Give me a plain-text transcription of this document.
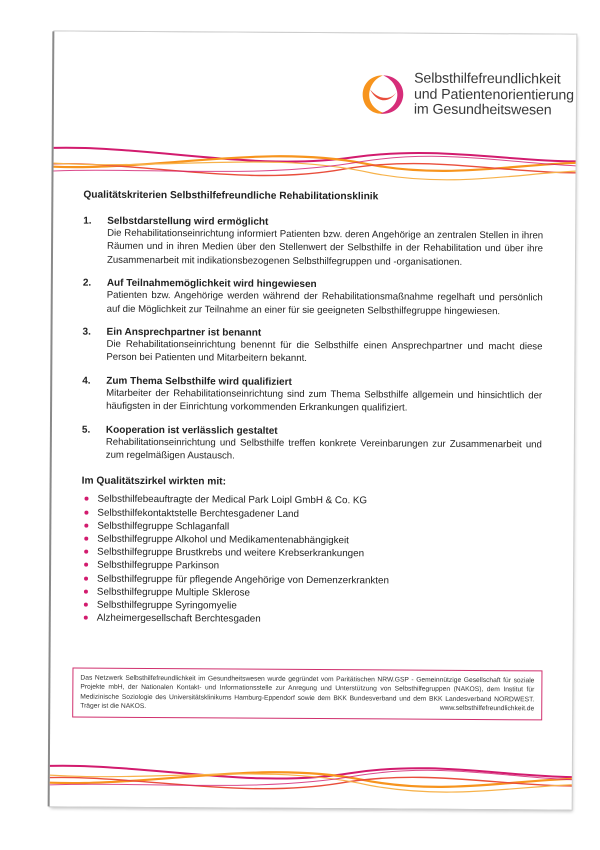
Selbsthilfefreundlichkeit
und Patientenorientierung
im Gesundheitswesen
Qualitätskriterien Selbsthilfefreundliche Rehabilitationsklinik
1.	Selbstdarstellung wird ermöglicht
Die Rehabilitationseinrichtung informiert Patienten bzw. deren Angehörige an zentralen Stellen in ihren Räumen und in ihren Medien über den Stellenwert der Selbsthilfe in der Rehabilitation und über ihre Zusammenarbeit mit indikationsbezogenen Selbsthilfegruppen und -organisationen.
2.	Auf Teilnahmemöglichkeit wird hingewiesen
Patienten bzw. Angehörige werden während der Rehabilitationsmaßnahme regelhaft und persönlich auf die Möglichkeit zur Teilnahme an einer für sie geeigneten Selbsthilfegruppe hingewiesen.
3.	Ein Ansprechpartner ist benannt
Die Rehabilitationseinrichtung benennt für die Selbsthilfe einen Ansprechpartner und macht diese Person bei Patienten und Mitarbeitern bekannt.
4.	Zum Thema Selbsthilfe wird qualifiziert
Mitarbeiter der Rehabilitationseinrichtung sind zum Thema Selbsthilfe allgemein und hinsichtlich der häufigsten in der Einrichtung vorkommenden Erkrankungen qualifiziert.
5.	Kooperation ist verlässlich gestaltet
Rehabilitationseinrichtung und Selbsthilfe treffen konkrete Vereinbarungen zur Zusammenarbeit und zum regelmäßigen Austausch.
Im Qualitätszirkel wirkten mit:
Selbsthilfebeauftragte der Medical Park Loipl GmbH & Co. KG
Selbsthilfekontaktstelle Berchtesgadener Land
Selbsthilfegruppe Schlaganfall
Selbsthilfegruppe Alkohol und Medikamentenabhängigkeit
Selbsthilfegruppe Brustkrebs und weitere Krebserkrankungen
Selbsthilfegruppe Parkinson
Selbsthilfegruppe für pflegende Angehörige von Demenzerkrankten
Selbsthilfegruppe Multiple Sklerose
Selbsthilfegruppe Syringomyelie
Alzheimergesellschaft Berchtesgaden
Das Netzwerk Selbsthilfefreundlichkeit im Gesundheitswesen wurde gegründet vom Paritätischen NRW.GSP - Gemeinnützige Gesellschaft für soziale Projekte mbH, der Nationalen Kontakt- und Informationsstelle zur Anregung und Unterstützung von Selbsthilfegruppen (NAKOS), dem Institut für Medizinische Soziologie des Universitätsklinikums Hamburg-Eppendorf sowie dem BKK Bundesverband und dem BKK Landesverband NORDWEST. Träger ist die NAKOS.	www.selbsthilfefreundlichkeit.de
